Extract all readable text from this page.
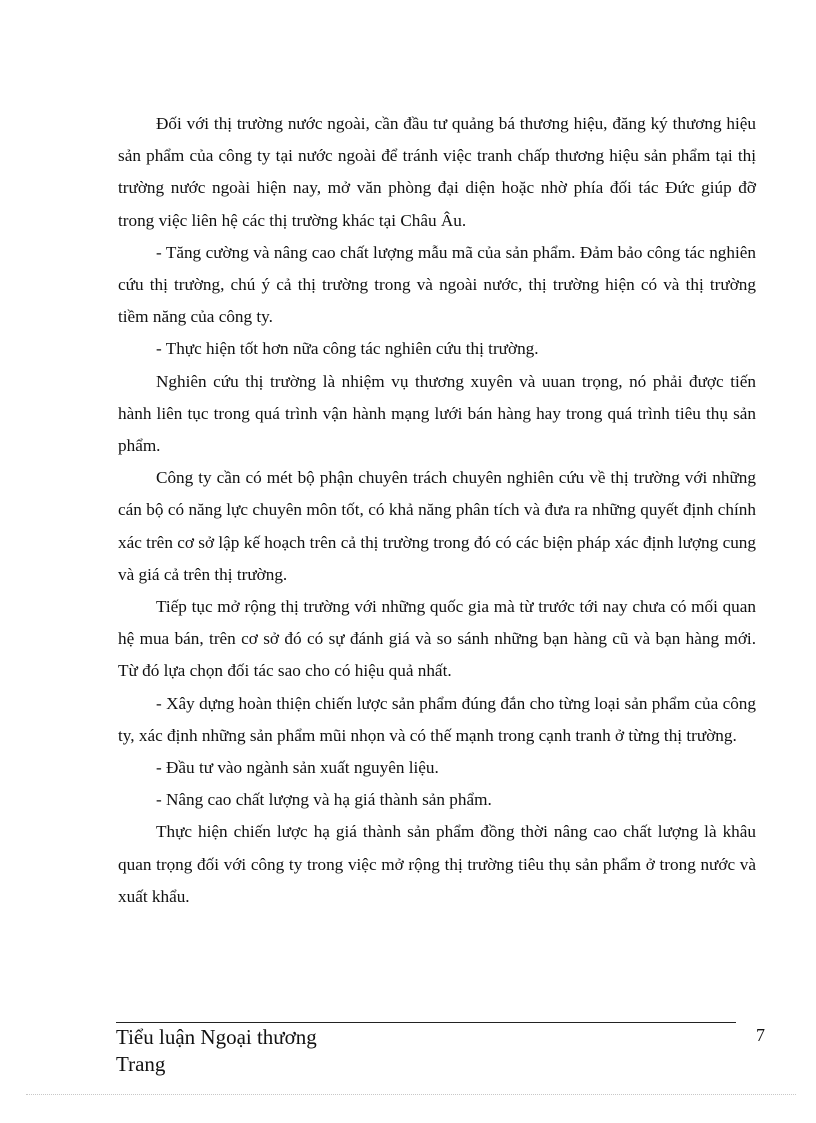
Đối với thị trường nước ngoài, cần đầu tư quảng bá thương hiệu, đăng ký thương hiệu sản phẩm của công ty tại nước ngoài để tránh việc tranh chấp thương hiệu sản phẩm tại thị trường nước ngoài hiện nay, mở văn phòng đại diện hoặc nhờ phía đối tác Đức giúp đỡ trong việc liên hệ các thị trường khác tại Châu Âu.

- Tăng cường và nâng cao chất lượng mẫu mã của sản phẩm. Đảm bảo công tác nghiên cứu thị trường, chú ý cả thị trường trong và ngoài nước, thị trường hiện có và thị trường tiềm năng của công ty.

- Thực hiện tốt hơn nữa công tác nghiên cứu thị trường.

Nghiên cứu thị trường là nhiệm vụ thương xuyên và uuan trọng, nó phải được tiến hành liên tục trong quá trình vận hành mạng lưới bán hàng hay trong quá trình tiêu thụ sản phẩm.

Công ty cần có mét bộ phận chuyên trách chuyên nghiên cứu về thị trường với những cán bộ có năng lực chuyên môn tốt, có khả năng phân tích và đưa ra những quyết định chính xác trên cơ sở lập kế hoạch trên cả thị trường trong đó có các biện pháp xác định lượng cung và giá cả trên thị trường.

Tiếp tục mở rộng thị trường với những quốc gia mà từ trước tới nay chưa có mối quan hệ mua bán, trên cơ sở đó có sự đánh giá và so sánh những bạn hàng cũ và bạn hàng mới. Từ đó lựa chọn đối tác sao cho có hiệu quả nhất.

- Xây dựng hoàn thiện chiến lược sản phẩm đúng đắn cho từng loại sản phẩm của công ty, xác định những sản phẩm mũi nhọn và có thế mạnh trong cạnh tranh ở từng thị trường.

- Đầu tư vào ngành sản xuất nguyên liệu.

- Nâng cao chất lượng và hạ giá thành sản phẩm.

Thực hiện chiến lược hạ giá thành sản phẩm đồng thời nâng cao chất lượng là khâu quan trọng đối với công ty trong việc mở rộng thị trường tiêu thụ sản phẩm ở trong nước và xuất khẩu.

Tiểu luận Ngoại thương
Trang
7
